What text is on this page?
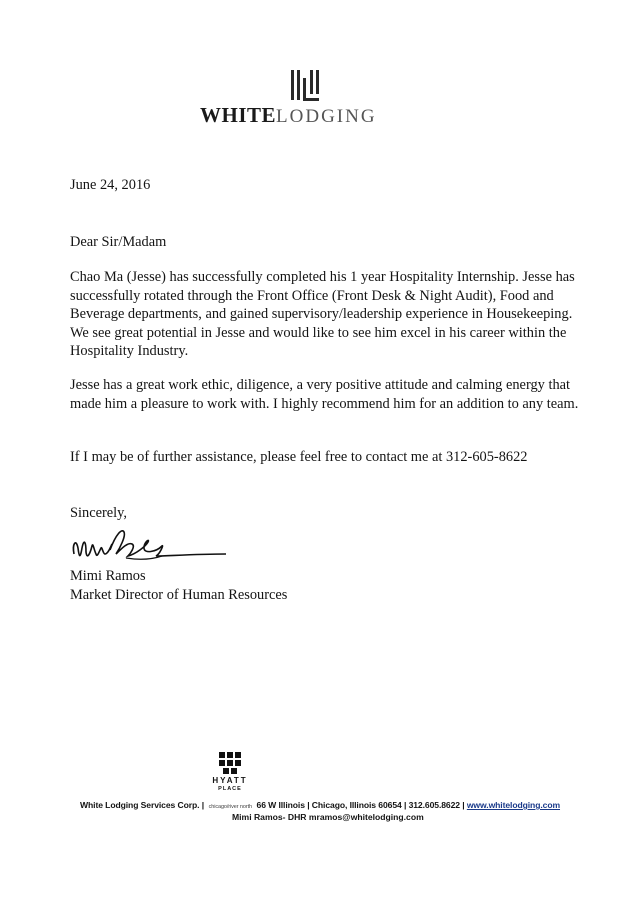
WHITELODGING
June 24, 2016
Dear Sir/Madam
Chao Ma (Jesse) has successfully completed his 1 year Hospitality Internship. Jesse has successfully rotated through the Front Office (Front Desk & Night Audit), Food and Beverage departments, and gained supervisory/leadership experience in Housekeeping. We see great potential in Jesse and would like to see him excel in his career within the Hospitality Industry.
Jesse has a great work ethic, diligence, a very positive attitude and calming energy that made him a pleasure to work with. I highly recommend him for an addition to any team.
If I may be of further assistance, please feel free to contact me at 312-605-8622
Sincerely,
Mimi Ramos
Market Director of Human Resources
HYATT
PLACE
White Lodging Services Corp. |  chicago/river north 66 W Illinois | Chicago, Illinois 60654 | 312.605.8622 | www.whitelodging.com
Mimi Ramos- DHR mramos@whitelodging.com
